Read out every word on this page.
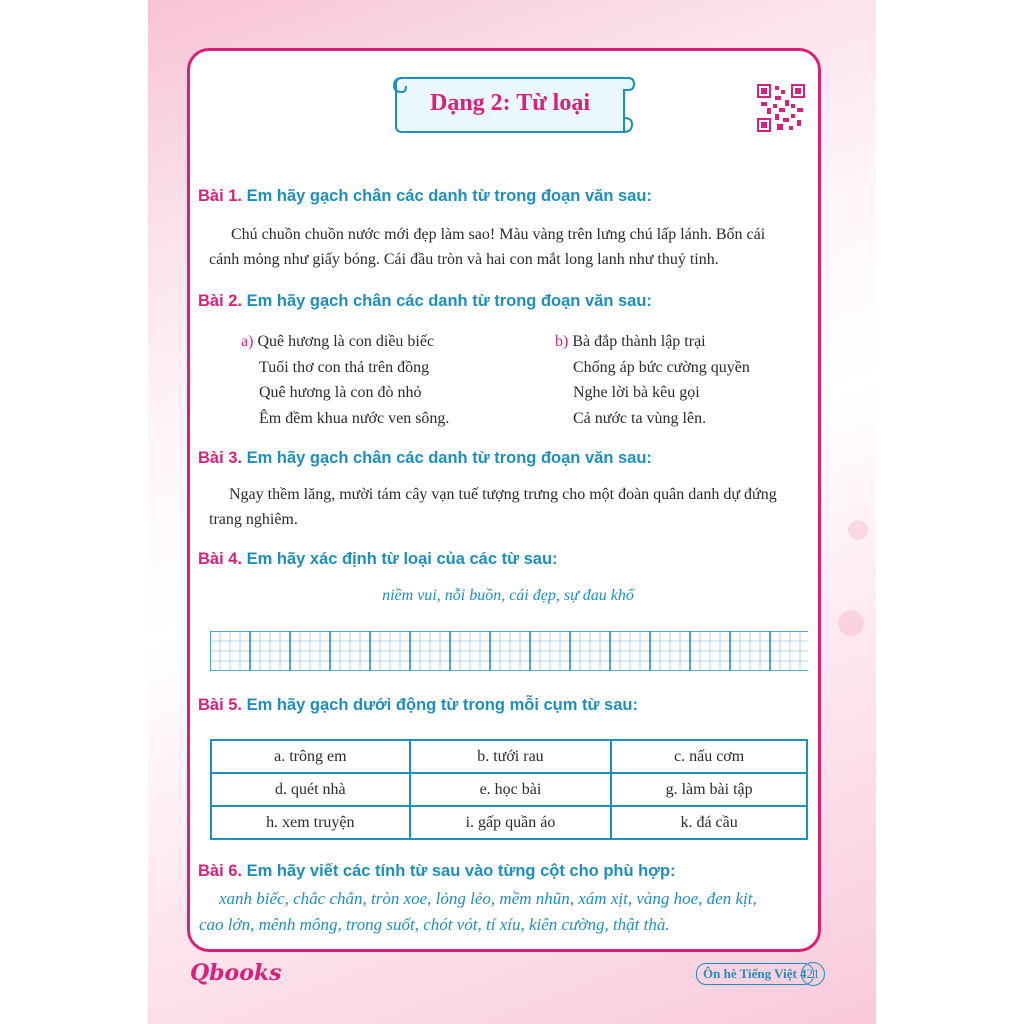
Dạng 2: Từ loại
Bài 1. Em hãy gạch chân các danh từ trong đoạn văn sau:
Chú chuồn chuồn nước mới đẹp làm sao! Màu vàng trên lưng chú lấp lánh. Bốn cái
cánh mỏng như giấy bóng. Cái đầu tròn và hai con mắt long lanh như thuỷ tinh.
Bài 2. Em hãy gạch chân các danh từ trong đoạn văn sau:
a) Quê hương là con diều biếc
Tuổi thơ con thả trên đồng
Quê hương là con đò nhỏ
Êm đềm khua nước ven sông.
b) Bà đắp thành lập trại
Chống áp bức cường quyền
Nghe lời bà kêu gọi
Cả nước ta vùng lên.
Bài 3. Em hãy gạch chân các danh từ trong đoạn văn sau:
Ngay thềm lăng, mười tám cây vạn tuế tượng trưng cho một đoàn quân danh dự đứng
trang nghiêm.
Bài 4. Em hãy xác định từ loại của các từ sau:
niềm vui, nỗi buồn, cái đẹp, sự đau khổ
Bài 5. Em hãy gạch dưới động từ trong mỗi cụm từ sau:
a. trông em	b. tưới rau	c. nấu cơm
d. quét nhà	e. học bài	g. làm bài tập
h. xem truyện	i. gấp quần áo	k. đá cầu
Bài 6. Em hãy viết các tính từ sau vào từng cột cho phù hợp:
xanh biếc, chắc chắn, tròn xoe, lỏng lẻo, mềm nhũn, xám xịt, vàng hoe, đen kịt,
cao lớn, mênh mông, trong suốt, chót vót, tí xíu, kiên cường, thật thà.
Qbooks	Ôn hè Tiếng Việt 4 21
